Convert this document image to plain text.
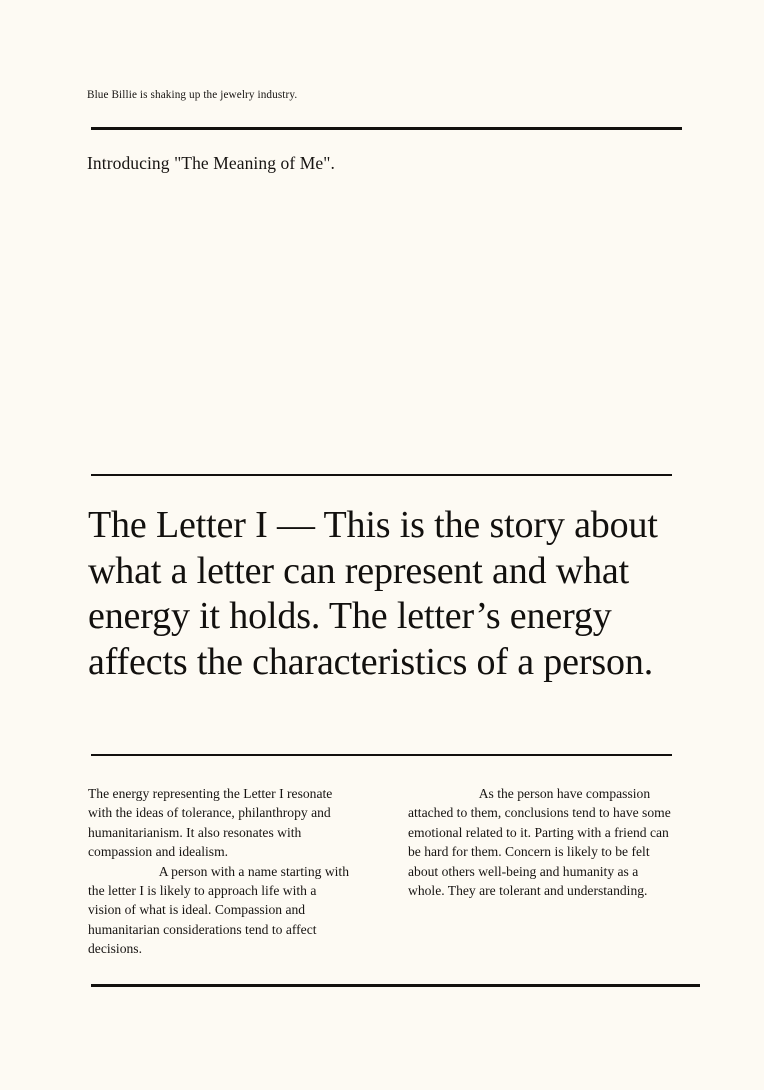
Blue Billie is shaking up the jewelry industry.
Introducing "The Meaning of Me".
The Letter I — This is the story about what a letter can represent and what energy it holds. The letter’s energy affects the characteristics of a person.

The energy representing the Letter I resonate with the ideas of tolerance, philanthropy and humanitarianism. It also resonates with compassion and idealism.

A person with a name starting with the letter I is likely to approach life with a vision of what is ideal. Compassion and humanitarian considerations tend to affect decisions.

As the person have compassion attached to them, conclusions tend to have some emotional related to it. Parting with a friend can be hard for them. Concern is likely to be felt about others well-being and humanity as a whole. They are tolerant and understanding.
